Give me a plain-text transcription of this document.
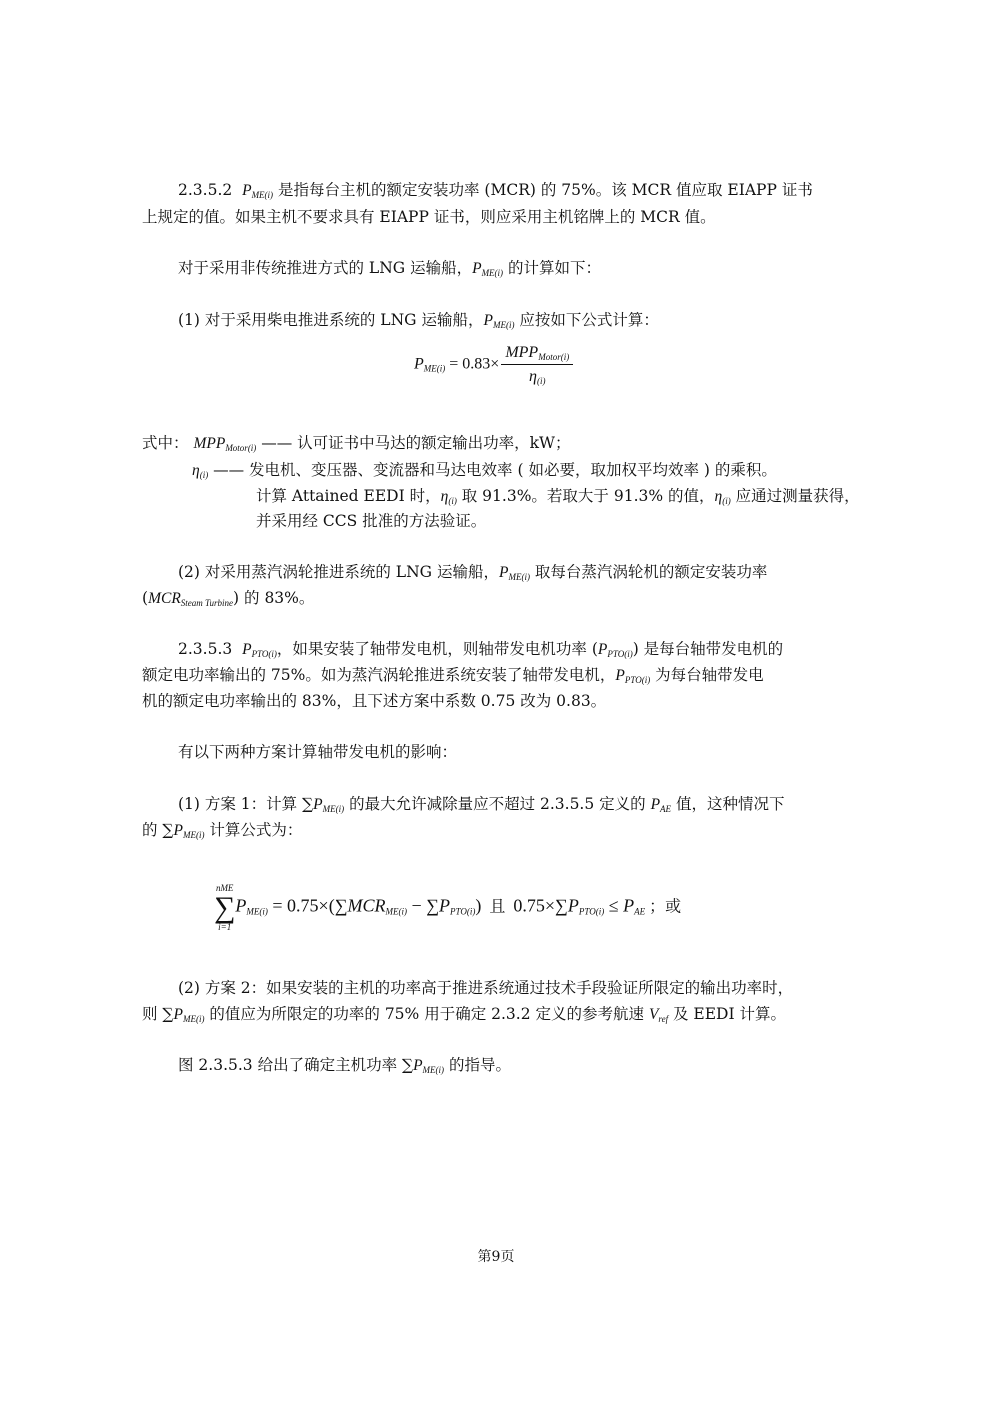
2.3.5.2 $P_{ME(i)}$ 是指每台主机的额定安装功率 (MCR) 的 75%。该 MCR 值应取 EIAPP 证书
上规定的值。如果主机不要求具有 EIAPP 证书，则应采用主机铭牌上的 MCR 值。
对于采用非传统推进方式的 LNG 运输船，$P_{ME(i)}$ 的计算如下：
(1) 对于采用柴电推进系统的 LNG 运输船，$P_{ME(i)}$ 应按如下公式计算：
$P_{ME(i)} = 0.83\times \frac{MPP_{Motor(i)}}{\eta_{(i)}}$
式中： $MPP_{Motor(i)}$ —— 认可证书中马达的额定输出功率，kW；
$\eta_{(i)}$ —— 发电机、变压器、变流器和马达电效率 ( 如必要，取加权平均效率 ) 的乘积。
计算 Attained EEDI 时，$\eta_{(i)}$ 取 91.3%。若取大于 91.3% 的值，$\eta_{(i)}$ 应通过测量获得，
并采用经 CCS 批准的方法验证。
(2) 对采用蒸汽涡轮推进系统的 LNG 运输船，$P_{ME(i)}$ 取每台蒸汽涡轮机的额定安装功率
$(MCR_{Steam Turbine})$ 的 83%。
2.3.5.3 $P_{PTO(i)}$，如果安装了轴带发电机，则轴带发电机功率 $(P_{PTO(i)})$ 是每台轴带发电机的
额定电功率输出的 75%。如为蒸汽涡轮推进系统安装了轴带发电机，$P_{PTO(i)}$ 为每台轴带发电
机的额定电功率输出的 83%，且下述方案中系数 0.75 改为 0.83。
有以下两种方案计算轴带发电机的影响：
(1) 方案 1：计算 $\sum P_{ME(i)}$ 的最大允许减除量应不超过 2.3.5.5 定义的 $P_{AE}$ 值，这种情况下
的 $\sum P_{ME(i)}$ 计算公式为：
nME
∑
i=1
$P_{ME(i)} = 0.75\times(\sum MCR_{ME(i)} - \sum P_{PTO(i)})$ 且 $0.75\times\sum P_{PTO(i)} \le P_{AE}$ ；或
(2) 方案 2：如果安装的主机的功率高于推进系统通过技术手段验证所限定的输出功率时，
则 $\sum P_{ME(i)}$ 的值应为所限定的功率的 75% 用于确定 2.3.2 定义的参考航速 $V_{ref}$ 及 EEDI 计算。
图 2.3.5.3 给出了确定主机功率 $\sum P_{ME(i)}$ 的指导。
第9页
